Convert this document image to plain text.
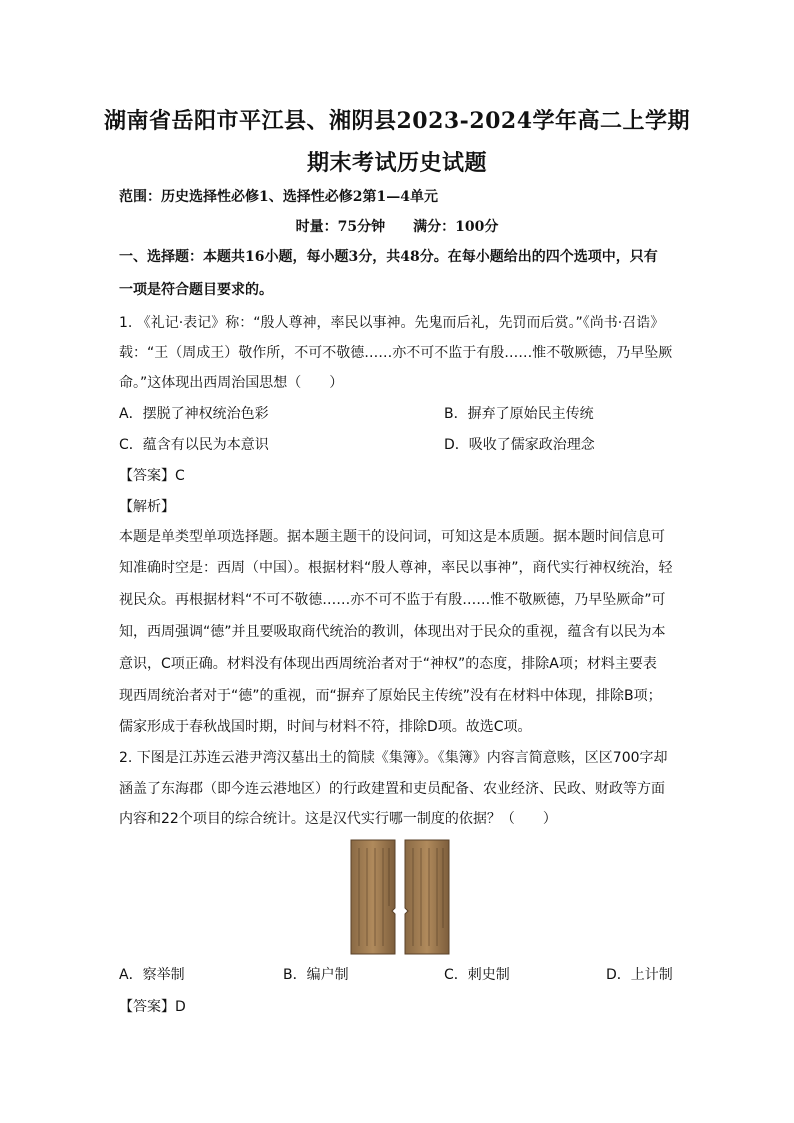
湖南省岳阳市平江县、湘阴县2023-2024学年高二上学期
期末考试历史试题
范围：历史选择性必修1、选择性必修2第1—4单元
时量：75分钟　　满分：100分
一、选择题：本题共16小题，每小题3分，共48分。在每小题给出的四个选项中，只有
一项是符合题目要求的。
1. 《礼记·表记》称：“殷人尊神，率民以事神。先鬼而后礼，先罚而后赏。”《尚书·召诰》
载：“王（周成王）敬作所，不可不敬德……亦不可不监于有殷……惟不敬厥德，乃早坠厥
命。”这体现出西周治国思想（　　）
A．摆脱了神权统治色彩	B．摒弃了原始民主传统
C．蕴含有以民为本意识	D．吸收了儒家政治理念
【答案】C
【解析】
本题是单类型单项选择题。据本题主题干的设问词，可知这是本质题。据本题时间信息可
知准确时空是：西周（中国）。根据材料“殷人尊神，率民以事神”，商代实行神权统治，轻
视民众。再根据材料“不可不敬德……亦不可不监于有殷……惟不敬厥德，乃早坠厥命”可
知，西周强调“德”并且要吸取商代统治的教训，体现出对于民众的重视，蕴含有以民为本
意识，C项正确。材料没有体现出西周统治者对于“神权”的态度，排除A项；材料主要表
现西周统治者对于“德”的重视，而“摒弃了原始民主传统”没有在材料中体现，排除B项；
儒家形成于春秋战国时期，时间与材料不符，排除D项。故选C项。
2. 下图是江苏连云港尹湾汉墓出土的简牍《集簿》。《集簿》内容言简意赅，区区700字却
涵盖了东海郡（即今连云港地区）的行政建置和吏员配备、农业经济、民政、财政等方面
内容和22个项目的综合统计。这是汉代实行哪一制度的依据？（　　）
A．察举制	B．编户制	C．刺史制	D．上计制
【答案】D
